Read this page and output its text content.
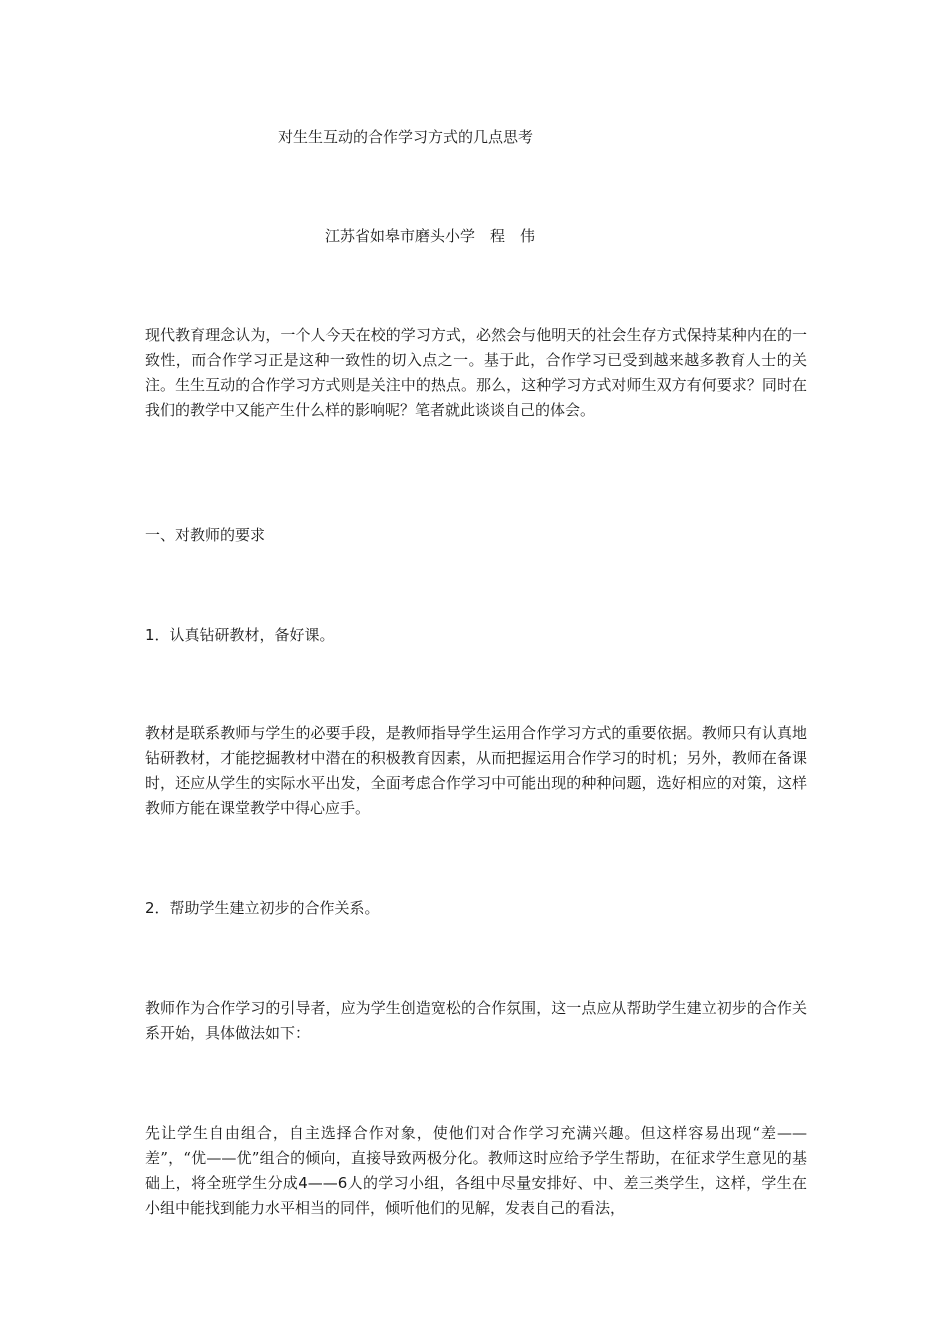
对生生互动的合作学习方式的几点思考
江苏省如皋市磨头小学　程　伟

现代教育理念认为，一个人今天在校的学习方式，必然会与他明天的社会生存方式保持某种内在的一致性，而合作学习正是这种一致性的切入点之一。基于此，合作学习已受到越来越多教育人士的关注。生生互动的合作学习方式则是关注中的热点。那么，这种学习方式对师生双方有何要求？同时在我们的教学中又能产生什么样的影响呢？笔者就此谈谈自己的体会。

一、对教师的要求

1．认真钻研教材，备好课。

教材是联系教师与学生的必要手段，是教师指导学生运用合作学习方式的重要依据。教师只有认真地钻研教材，才能挖掘教材中潜在的积极教育因素，从而把握运用合作学习的时机；另外，教师在备课时，还应从学生的实际水平出发，全面考虑合作学习中可能出现的种种问题，选好相应的对策，这样教师方能在课堂教学中得心应手。

2．帮助学生建立初步的合作关系。

教师作为合作学习的引导者，应为学生创造宽松的合作氛围，这一点应从帮助学生建立初步的合作关系开始，具体做法如下：

先让学生自由组合，自主选择合作对象，使他们对合作学习充满兴趣。但这样容易出现“差——差”，“优——优”组合的倾向，直接导致两极分化。教师这时应给予学生帮助，在征求学生意见的基础上，将全班学生分成4——6人的学习小组，各组中尽量安排好、中、差三类学生，这样，学生在小组中能找到能力水平相当的同伴，倾听他们的见解，发表自己的看法，
